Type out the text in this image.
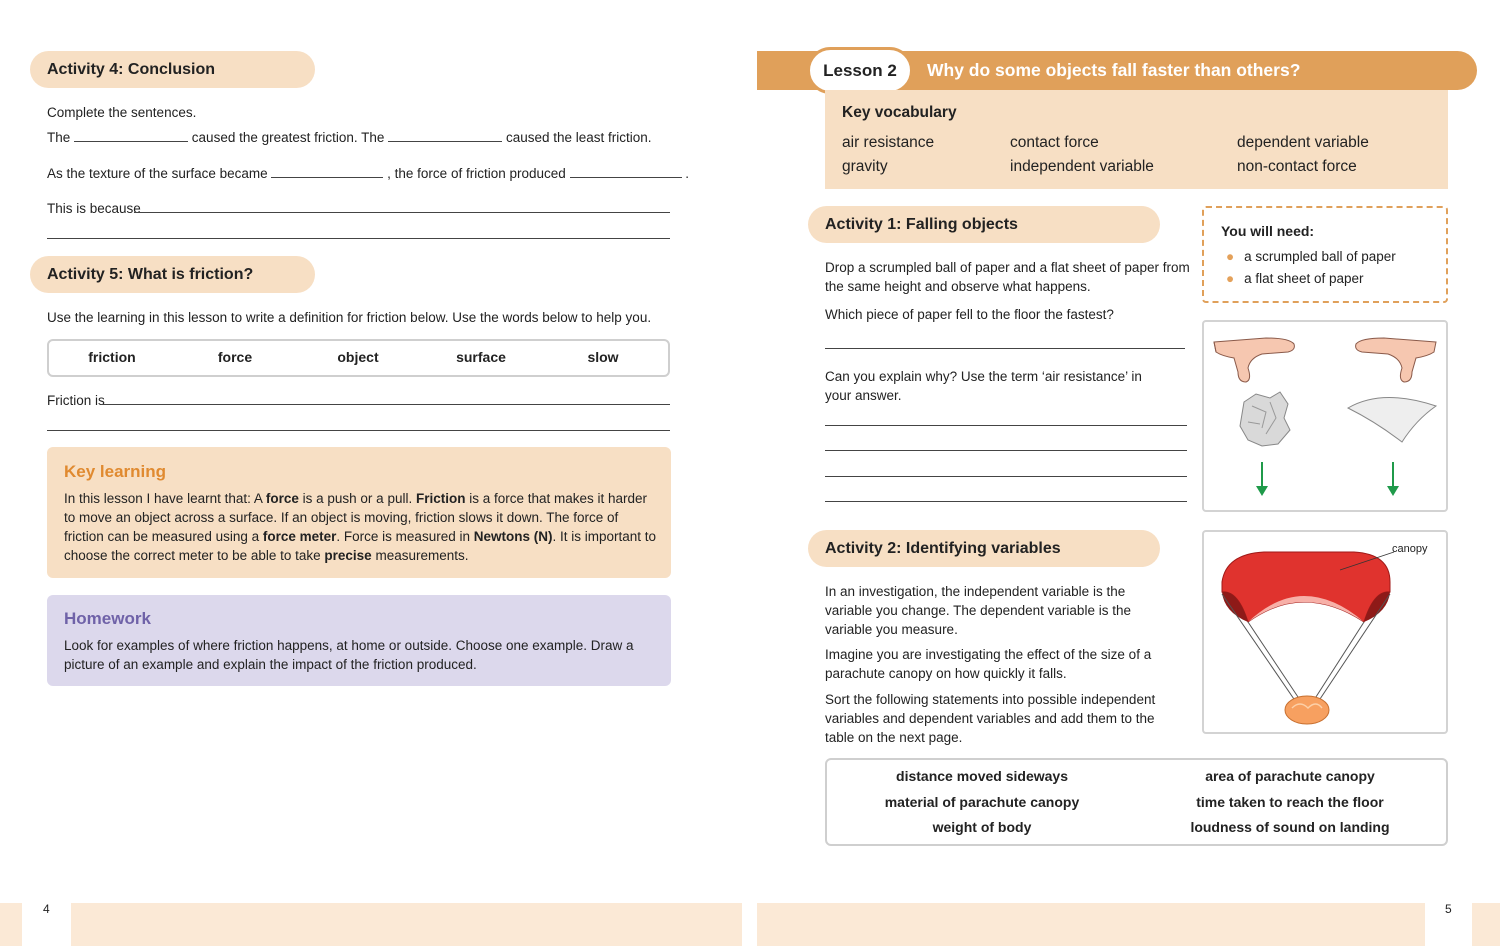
Activity 4: Conclusion
Complete the sentences.
The	caused the greatest friction. The	caused the least friction.
As the texture of the surface became	, the force of friction produced	.
This is because
Activity 5: What is friction?
Use the learning in this lesson to write a definition for friction below. Use the words below to help you.
friction	force	object	surface	slow
Friction is
Key learning
In this lesson I have learnt that: A force is a push or a pull. Friction is a force that makes it harder to move an object across a surface. If an object is moving, friction slows it down. The force of friction can be measured using a force meter. Force is measured in Newtons (N). It is important to choose the correct meter to be able to take precise measurements.
Homework
Look for examples of where friction happens, at home or outside. Choose one example. Draw a picture of an example and explain the impact of the friction produced.
4
Lesson 2 Why do some objects fall faster than others?
Key vocabulary
air resistance	contact force	dependent variable
gravity	independent variable	non-contact force
Activity 1: Falling objects
Drop a scrumpled ball of paper and a flat sheet of paper from the same height and observe what happens.
Which piece of paper fell to the floor the fastest?
Can you explain why? Use the term ‘air resistance’ in your answer.
You will need:
● a scrumpled ball of paper
● a flat sheet of paper
Activity 2: Identifying variables
In an investigation, the independent variable is the variable you change. The dependent variable is the variable you measure.
Imagine you are investigating the effect of the size of a parachute canopy on how quickly it falls.
Sort the following statements into possible independent variables and dependent variables and add them to the table on the next page.
canopy
distance moved sideways	area of parachute canopy
material of parachute canopy	time taken to reach the floor
weight of body	loudness of sound on landing
5
